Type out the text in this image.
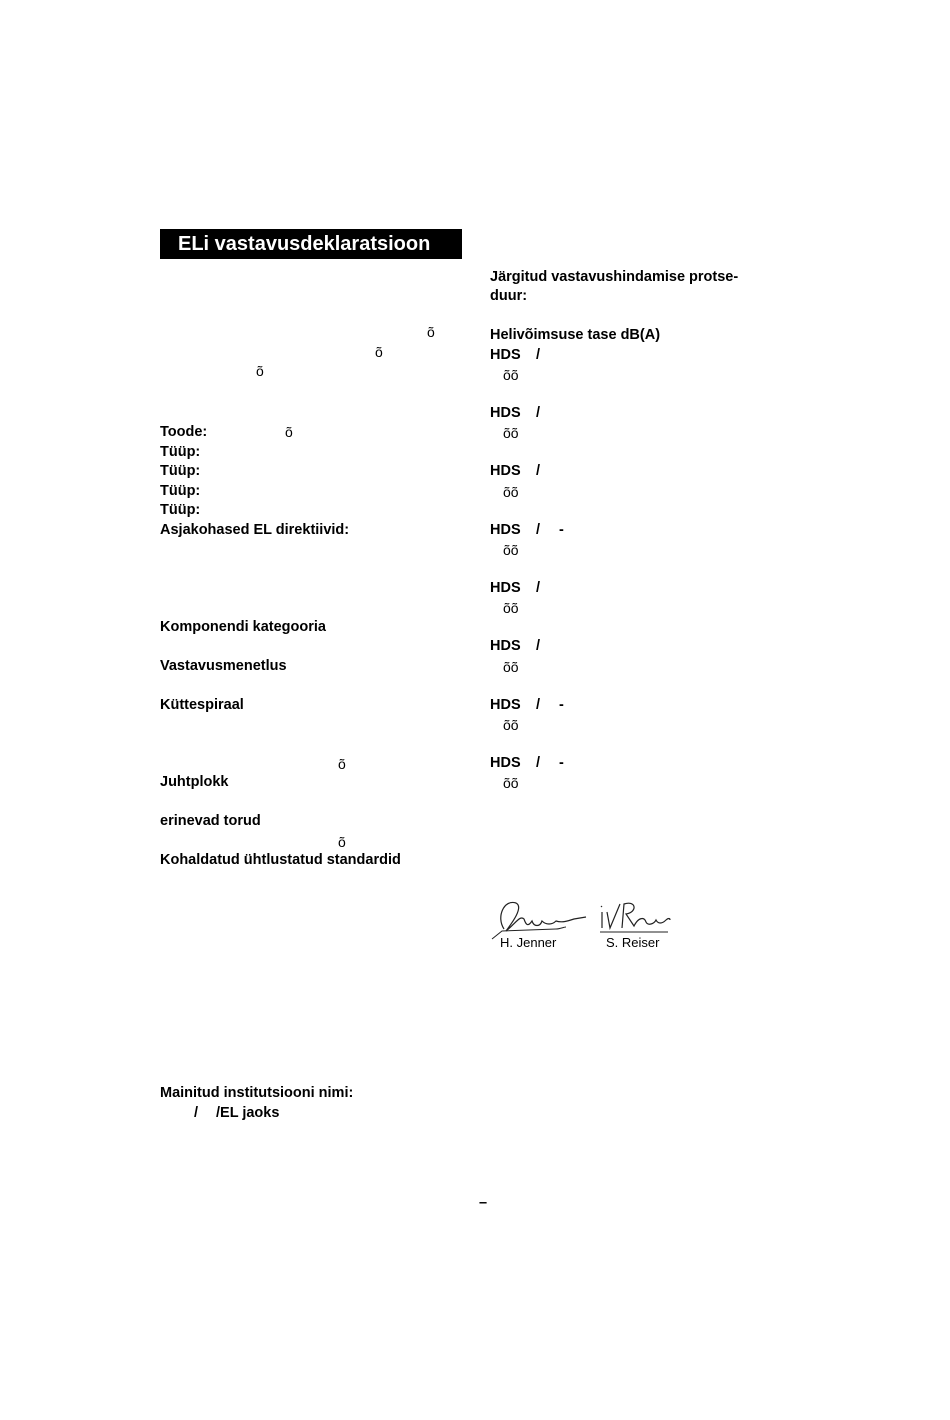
ELi vastavusdeklaratsioon
õ
õ
õ
Toode:	õ
Tüüp:
Tüüp:
Tüüp:
Tüüp:
Asjakohased EL direktiivid:
Komponendi kategooria
Vastavusmenetlus
Küttespiraal
õ
Juhtplokk
erinevad torud
õ
Kohaldatud ühtlustatud standardid
Mainitud institutsiooni nimi:
/ /EL jaoks
Järgitud vastavushindamise protse-
duur:
Helivõimsuse tase dB(A)
HDS /
õõ
HDS /
õõ
HDS /
õõ
HDS / -
õõ
HDS /
õõ
HDS /
õõ
HDS / -
õõ
HDS / -
õõ
H. Jenner	S. Reiser
–
